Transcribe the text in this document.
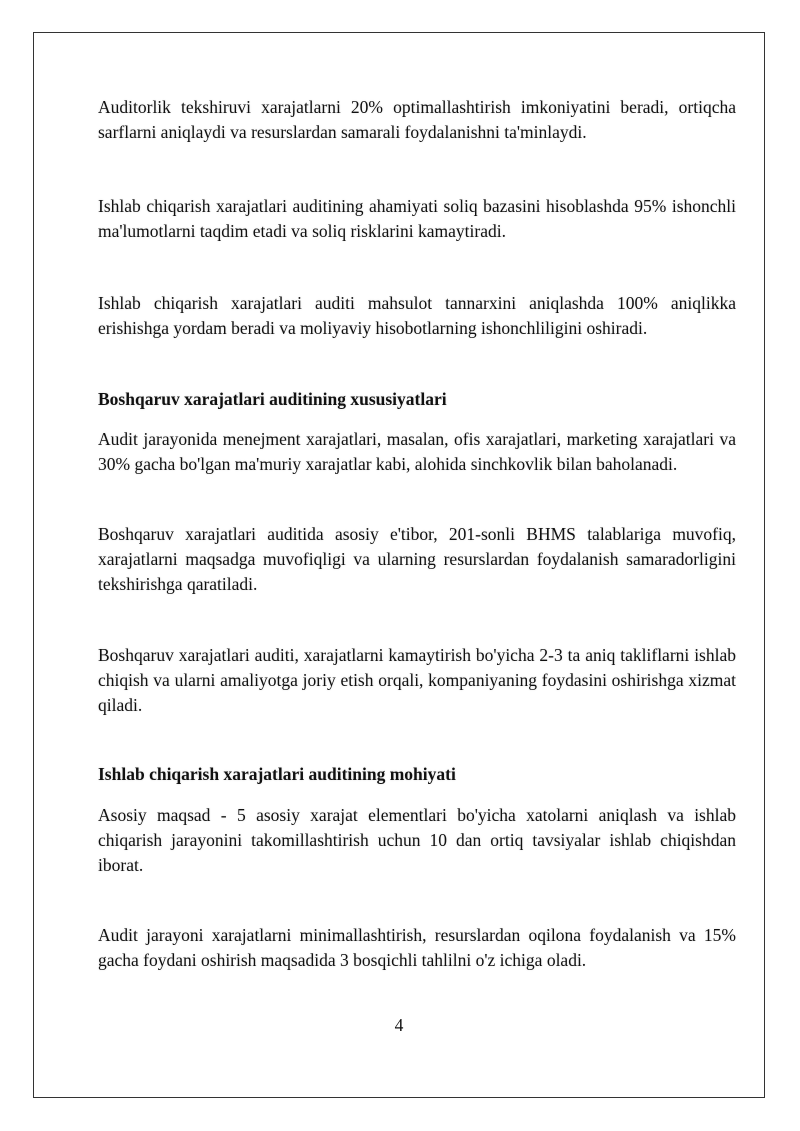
Auditorlik tekshiruvi xarajatlarni 20% optimallashtirish imkoniyatini beradi, ortiqcha sarflarni aniqlaydi va resurslardan samarali foydalanishni ta'minlaydi.

Ishlab chiqarish xarajatlari auditining ahamiyati soliq bazasini hisoblashda 95% ishonchli ma'lumotlarni taqdim etadi va soliq risklarini kamaytiradi.

Ishlab chiqarish xarajatlari auditi mahsulot tannarxini aniqlashda 100% aniqlikka erishishga yordam beradi va moliyaviy hisobotlarning ishonchliligini oshiradi.

Boshqaruv xarajatlari auditining xususiyatlari

Audit jarayonida menejment xarajatlari, masalan, ofis xarajatlari, marketing xarajatlari va 30% gacha bo'lgan ma'muriy xarajatlar kabi, alohida sinchkovlik bilan baholanadi.

Boshqaruv xarajatlari auditida asosiy e'tibor, 201-sonli BHMS talablariga muvofiq, xarajatlarni maqsadga muvofiqligi va ularning resurslardan foydalanish samaradorligini tekshirishga qaratiladi.

Boshqaruv xarajatlari auditi, xarajatlarni kamaytirish bo'yicha 2-3 ta aniq takliflarni ishlab chiqish va ularni amaliyotga joriy etish orqali, kompaniyaning foydasini oshirishga xizmat qiladi.

Ishlab chiqarish xarajatlari auditining mohiyati

Asosiy maqsad - 5 asosiy xarajat elementlari bo'yicha xatolarni aniqlash va ishlab chiqarish jarayonini takomillashtirish uchun 10 dan ortiq tavsiyalar ishlab chiqishdan iborat.

Audit jarayoni xarajatlarni minimallashtirish, resurslardan oqilona foydalanish va 15% gacha foydani oshirish maqsadida 3 bosqichli tahlilni o'z ichiga oladi.

4
